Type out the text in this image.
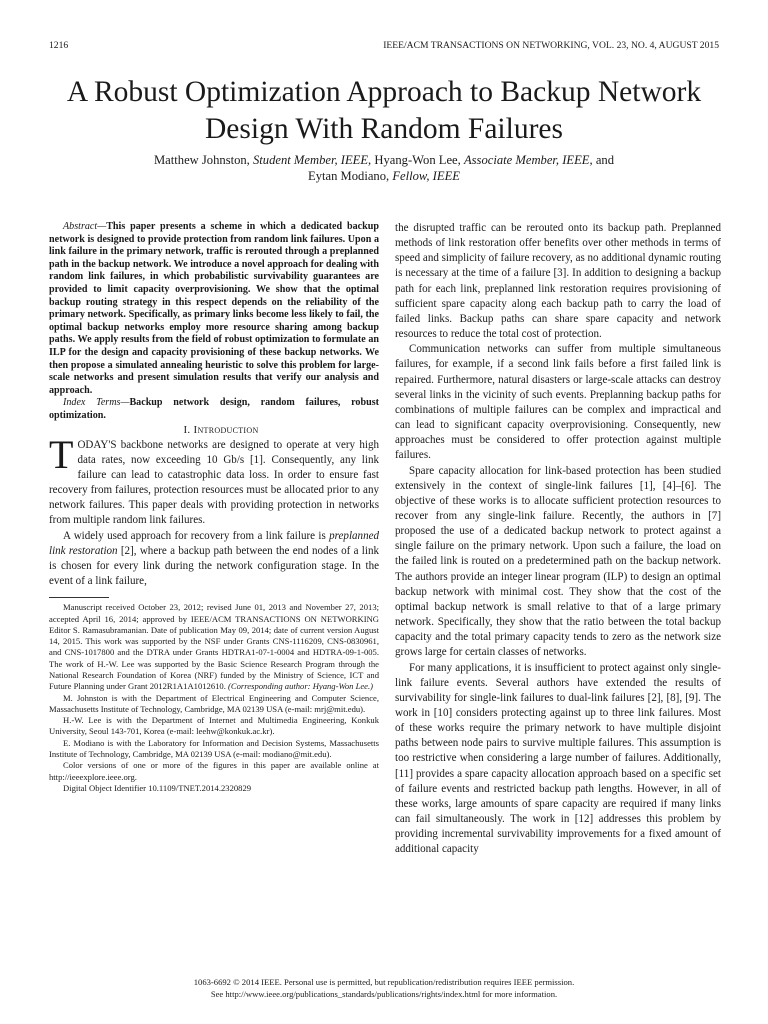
1216	IEEE/ACM TRANSACTIONS ON NETWORKING, VOL. 23, NO. 4, AUGUST 2015
A Robust Optimization Approach to Backup Network
Design With Random Failures
Matthew Johnston, Student Member, IEEE, Hyang-Won Lee, Associate Member, IEEE, and
Eytan Modiano, Fellow, IEEE

Abstract—This paper presents a scheme in which a dedicated backup network is designed to provide protection from random link failures. Upon a link failure in the primary network, traffic is rerouted through a preplanned path in the backup network. We introduce a novel approach for dealing with random link failures, in which probabilistic survivability guarantees are provided to limit capacity overprovisioning. We show that the optimal backup routing strategy in this respect depends on the reliability of the primary network. Specifically, as primary links become less likely to fail, the optimal backup networks employ more resource sharing among backup paths. We apply results from the field of robust optimization to formulate an ILP for the design and capacity provisioning of these backup networks. We then propose a simulated annealing heuristic to solve this problem for large-scale networks and present simulation results that verify our analysis and approach.

Index Terms—Backup network design, random failures, robust optimization.

I. Introduction

TODAY'S backbone networks are designed to operate at very high data rates, now exceeding 10 Gb/s [1]. Consequently, any link failure can lead to catastrophic data loss. In order to ensure fast recovery from failures, protection resources must be allocated prior to any network failures. This paper deals with providing protection in networks from multiple random link failures.

A widely used approach for recovery from a link failure is preplanned link restoration [2], where a backup path between the end nodes of a link is chosen for every link during the network configuration stage. In the event of a link failure,

Manuscript received October 23, 2012; revised June 01, 2013 and November 27, 2013; accepted April 16, 2014; approved by IEEE/ACM TRANSACTIONS ON NETWORKING Editor S. Ramasubramanian. Date of publication May 09, 2014; date of current version August 14, 2015. This work was supported by the NSF under Grants CNS-1116209, CNS-0830961, and CNS-1017800 and the DTRA under Grants HDTRA1-07-1-0004 and HDTRA-09-1-005. The work of H.-W. Lee was supported by the Basic Science Research Program through the National Research Foundation of Korea (NRF) funded by the Ministry of Science, ICT and Future Planning under Grant 2012R1A1A1012610. (Corresponding author: Hyang-Won Lee.)

M. Johnston is with the Department of Electrical Engineering and Computer Science, Massachusetts Institute of Technology, Cambridge, MA 02139 USA (e-mail: mrj@mit.edu).

H.-W. Lee is with the Department of Internet and Multimedia Engineering, Konkuk University, Seoul 143-701, Korea (e-mail: leehw@konkuk.ac.kr).

E. Modiano is with the Laboratory for Information and Decision Systems, Massachusetts Institute of Technology, Cambridge, MA 02139 USA (e-mail: modiano@mit.edu).

Color versions of one or more of the figures in this paper are available online at http://ieeexplore.ieee.org.

Digital Object Identifier 10.1109/TNET.2014.2320829

the disrupted traffic can be rerouted onto its backup path. Preplanned methods of link restoration offer benefits over other methods in terms of speed and simplicity of failure recovery, as no additional dynamic routing is necessary at the time of a failure [3]. In addition to designing a backup path for each link, preplanned link restoration requires provisioning of sufficient spare capacity along each backup path to carry the load of failed links. Backup paths can share spare capacity and network resources to reduce the total cost of protection.

Communication networks can suffer from multiple simultaneous failures, for example, if a second link fails before a first failed link is repaired. Furthermore, natural disasters or large-scale attacks can destroy several links in the vicinity of such events. Preplanning backup paths for combinations of multiple failures can be complex and impractical and can lead to significant capacity overprovisioning. Consequently, new approaches must be considered to offer protection against multiple failures.

Spare capacity allocation for link-based protection has been studied extensively in the context of single-link failures [1], [4]–[6]. The objective of these works is to allocate sufficient protection resources to recover from any single-link failure. Recently, the authors in [7] proposed the use of a dedicated backup network to protect against a single failure on the primary network. Upon such a failure, the load on the failed link is routed on a predetermined path on the backup network. The authors provide an integer linear program (ILP) to design an optimal backup network with minimal cost. They show that the cost of the optimal backup network is small relative to that of a large primary network. Specifically, they show that the ratio between the total backup capacity and the total primary capacity tends to zero as the network size grows large for certain classes of networks.

For many applications, it is insufficient to protect against only single-link failure events. Several authors have extended the results of survivability for single-link failures to dual-link failures [2], [8], [9]. The work in [10] considers protecting against up to three link failures. Most of these works require the primary network to have multiple disjoint paths between node pairs to survive multiple failures. This assumption is too restrictive when considering a large number of failures. Additionally, [11] provides a spare capacity allocation approach based on a specific set of failure events and restricted backup path lengths. However, in all of these works, large amounts of spare capacity are required if many links can fail simultaneously. The work in [12] addresses this problem by providing incremental survivability improvements for a fixed amount of additional capacity

1063-6692 © 2014 IEEE. Personal use is permitted, but republication/redistribution requires IEEE permission.
See http://www.ieee.org/publications_standards/publications/rights/index.html for more information.
